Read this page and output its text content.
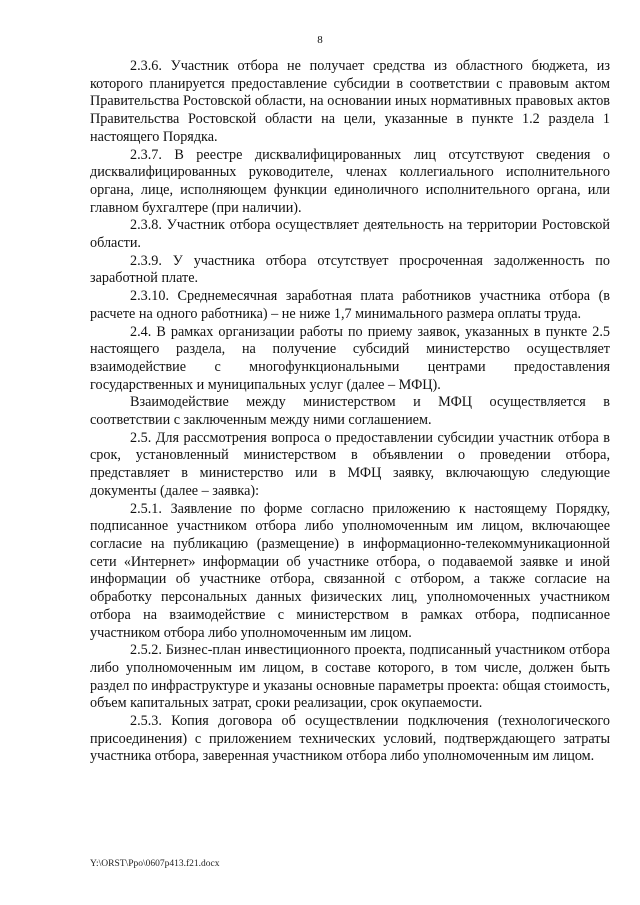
8

2.3.6. Участник отбора не получает средства из областного бюджета, из которого планируется предоставление субсидии в соответствии с правовым актом Правительства Ростовской области, на основании иных нормативных правовых актов Правительства Ростовской области на цели, указанные в пункте 1.2 раздела 1 настоящего Порядка.

2.3.7. В реестре дисквалифицированных лиц отсутствуют сведения о дисквалифицированных руководителе, членах коллегиального исполнительного органа, лице, исполняющем функции единоличного исполнительного органа, или главном бухгалтере (при наличии).

2.3.8. Участник отбора осуществляет деятельность на территории Ростовской области.

2.3.9. У участника отбора отсутствует просроченная задолженность по заработной плате.

2.3.10. Среднемесячная заработная плата работников участника отбора (в расчете на одного работника) – не ниже 1,7 минимального размера оплаты труда.

2.4. В рамках организации работы по приему заявок, указанных в пункте 2.5 настоящего раздела, на получение субсидий министерство осуществляет взаимодействие с многофункциональными центрами предоставления государственных и муниципальных услуг (далее – МФЦ).

Взаимодействие между министерством и МФЦ осуществляется в соответствии с заключенным между ними соглашением.

2.5. Для рассмотрения вопроса о предоставлении субсидии участник отбора в срок, установленный министерством в объявлении о проведении отбора, представляет в министерство или в МФЦ заявку, включающую следующие документы (далее – заявка):

2.5.1. Заявление по форме согласно приложению к настоящему Порядку, подписанное участником отбора либо уполномоченным им лицом, включающее согласие на публикацию (размещение) в информационно-телекоммуникационной сети «Интернет» информации об участнике отбора, о подаваемой заявке и иной информации об участнике отбора, связанной с отбором, а также согласие на обработку персональных данных физических лиц, уполномоченных участником отбора на взаимодействие с министерством в рамках отбора, подписанное участником отбора либо уполномоченным им лицом.

2.5.2. Бизнес-план инвестиционного проекта, подписанный участником отбора либо уполномоченным им лицом, в составе которого, в том числе, должен быть раздел по инфраструктуре и указаны основные параметры проекта: общая стоимость, объем капитальных затрат, сроки реализации, срок окупаемости.

2.5.3. Копия договора об осуществлении подключения (технологического присоединения) с приложением технических условий, подтверждающего затраты участника отбора, заверенная участником отбора либо уполномоченным им лицом.

Y:\ORST\Ppo\0607p413.f21.docx
